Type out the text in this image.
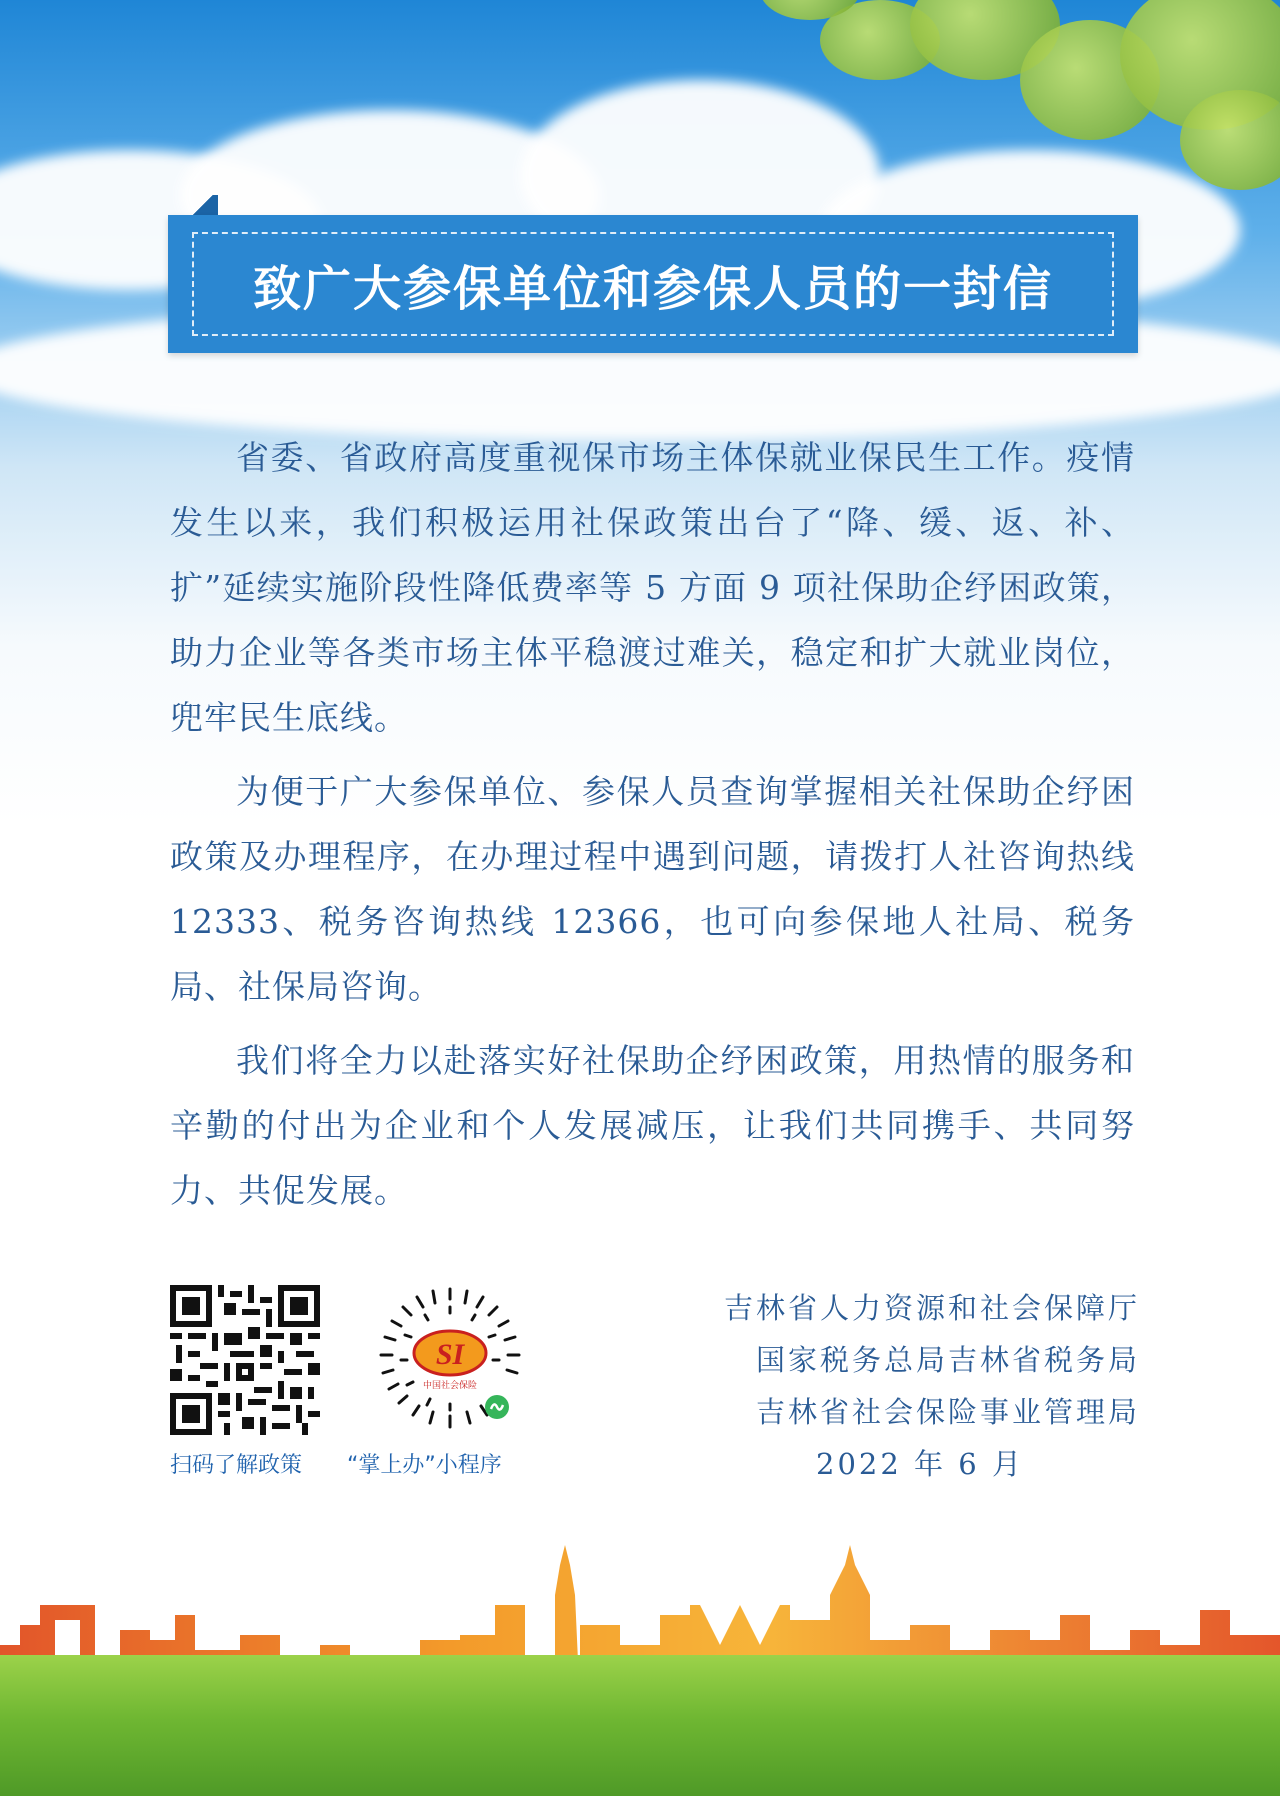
致广大参保单位和参保人员的一封信

省委、省政府高度重视保市场主体保就业保民生工作。疫情发生以来，我们积极运用社保政策出台了“降、缓、返、补、扩”延续实施阶段性降低费率等 5 方面 9 项社保助企纾困政策，助力企业等各类市场主体平稳渡过难关，稳定和扩大就业岗位，兜牢民生底线。

为便于广大参保单位、参保人员查询掌握相关社保助企纾困政策及办理程序，在办理过程中遇到问题，请拨打人社咨询热线 12333、税务咨询热线 12366，也可向参保地人社局、税务局、社保局咨询。

我们将全力以赴落实好社保助企纾困政策，用热情的服务和辛勤的付出为企业和个人发展减压，让我们共同携手、共同努力、共促发展。

SI
中国社会保险
扫码了解政策 “掌上办”小程序
吉林省人力资源和社会保障厅
国家税务总局吉林省税务局
吉林省社会保险事业管理局
2022 年 6 月
